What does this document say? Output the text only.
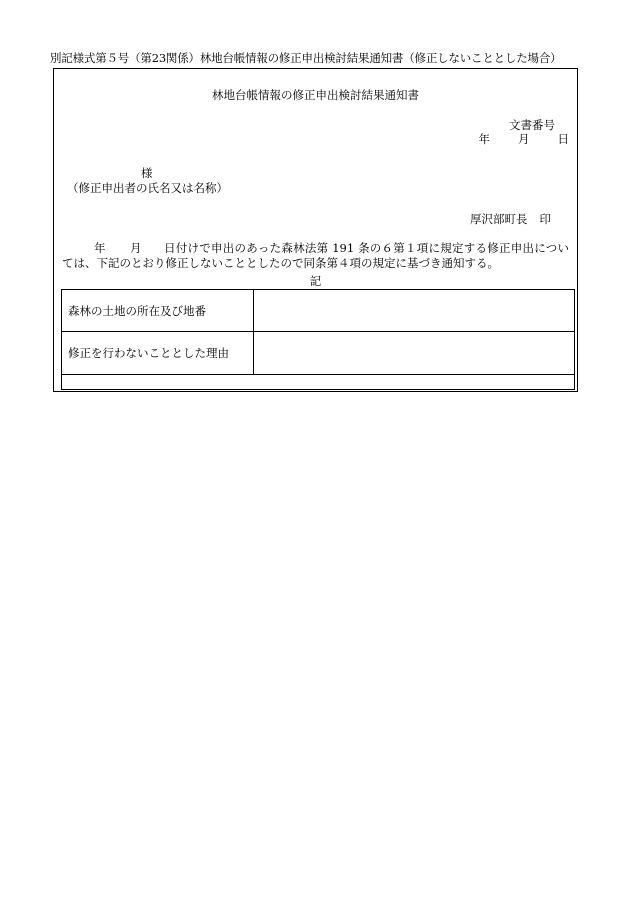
別記様式第５号（第23関係）林地台帳情報の修正申出検討結果通知書（修正しないこととした場合）
林地台帳情報の修正申出検討結果通知書
文書番号
年 月 日
様
（修正申出者の氏名又は名称）
厚沢部町長 印
年 月 日付けで申出のあった森林法第 191 条の６第１項に規定する修正申出については、下記のとおり修正しないこととしたので同条第４項の規定に基づき通知する。
記
森林の土地の所在及び地番	
修正を行わないこととした理由	
